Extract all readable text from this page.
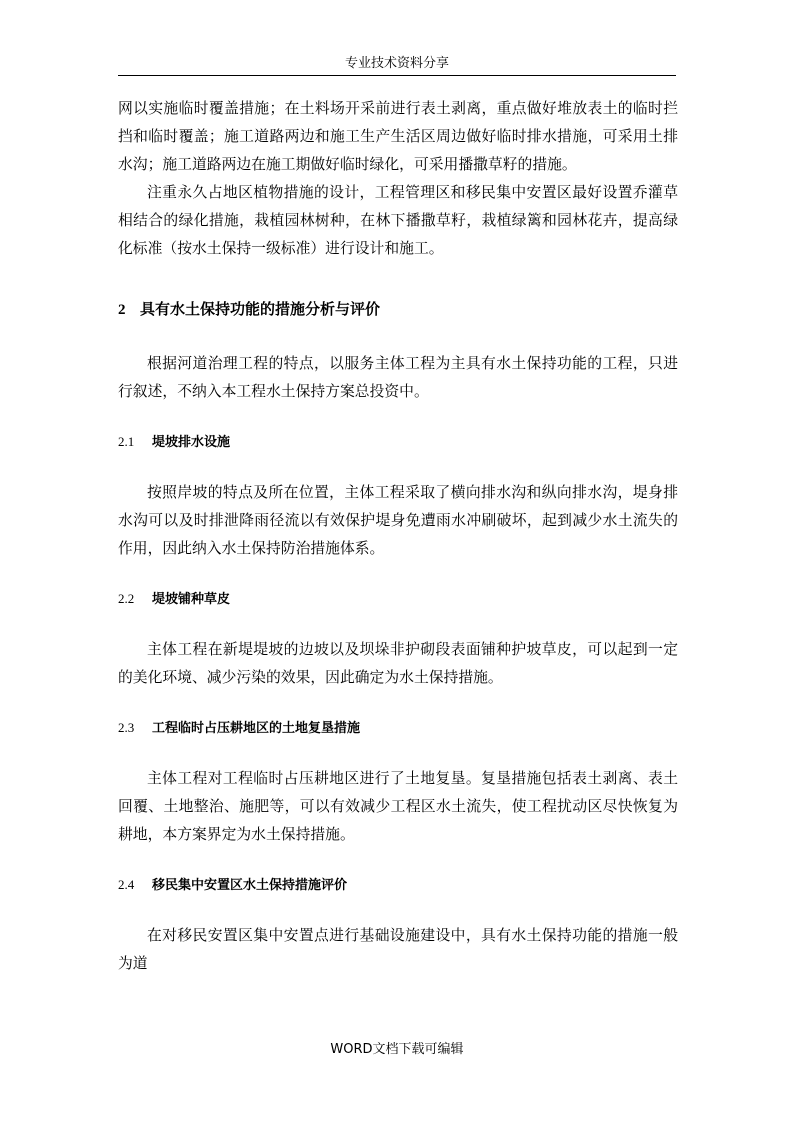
专业技术资料分享

网以实施临时覆盖措施；在土料场开采前进行表土剥离，重点做好堆放表土的临时拦挡和临时覆盖；施工道路两边和施工生产生活区周边做好临时排水措施，可采用土排水沟；施工道路两边在施工期做好临时绿化，可采用播撒草籽的措施。

注重永久占地区植物措施的设计，工程管理区和移民集中安置区最好设置乔灌草相结合的绿化措施，栽植园林树种，在林下播撒草籽，栽植绿篱和园林花卉，提高绿化标准（按水土保持一级标准）进行设计和施工。

2 具有水土保持功能的措施分析与评价

根据河道治理工程的特点，以服务主体工程为主具有水土保持功能的工程，只进行叙述，不纳入本工程水土保持方案总投资中。

2.1 堤坡排水设施

按照岸坡的特点及所在位置，主体工程采取了横向排水沟和纵向排水沟，堤身排水沟可以及时排泄降雨径流以有效保护堤身免遭雨水冲刷破坏，起到减少水土流失的作用，因此纳入水土保持防治措施体系。

2.2 堤坡铺种草皮

主体工程在新堤堤坡的边坡以及坝垛非护砌段表面铺种护坡草皮，可以起到一定的美化环境、减少污染的效果，因此确定为水土保持措施。

2.3 工程临时占压耕地区的土地复垦措施

主体工程对工程临时占压耕地区进行了土地复垦。复垦措施包括表土剥离、表土回覆、土地整治、施肥等，可以有效减少工程区水土流失，使工程扰动区尽快恢复为耕地，本方案界定为水土保持措施。

2.4 移民集中安置区水土保持措施评价

在对移民安置区集中安置点进行基础设施建设中，具有水土保持功能的措施一般为道

WORD文档下载可编辑
